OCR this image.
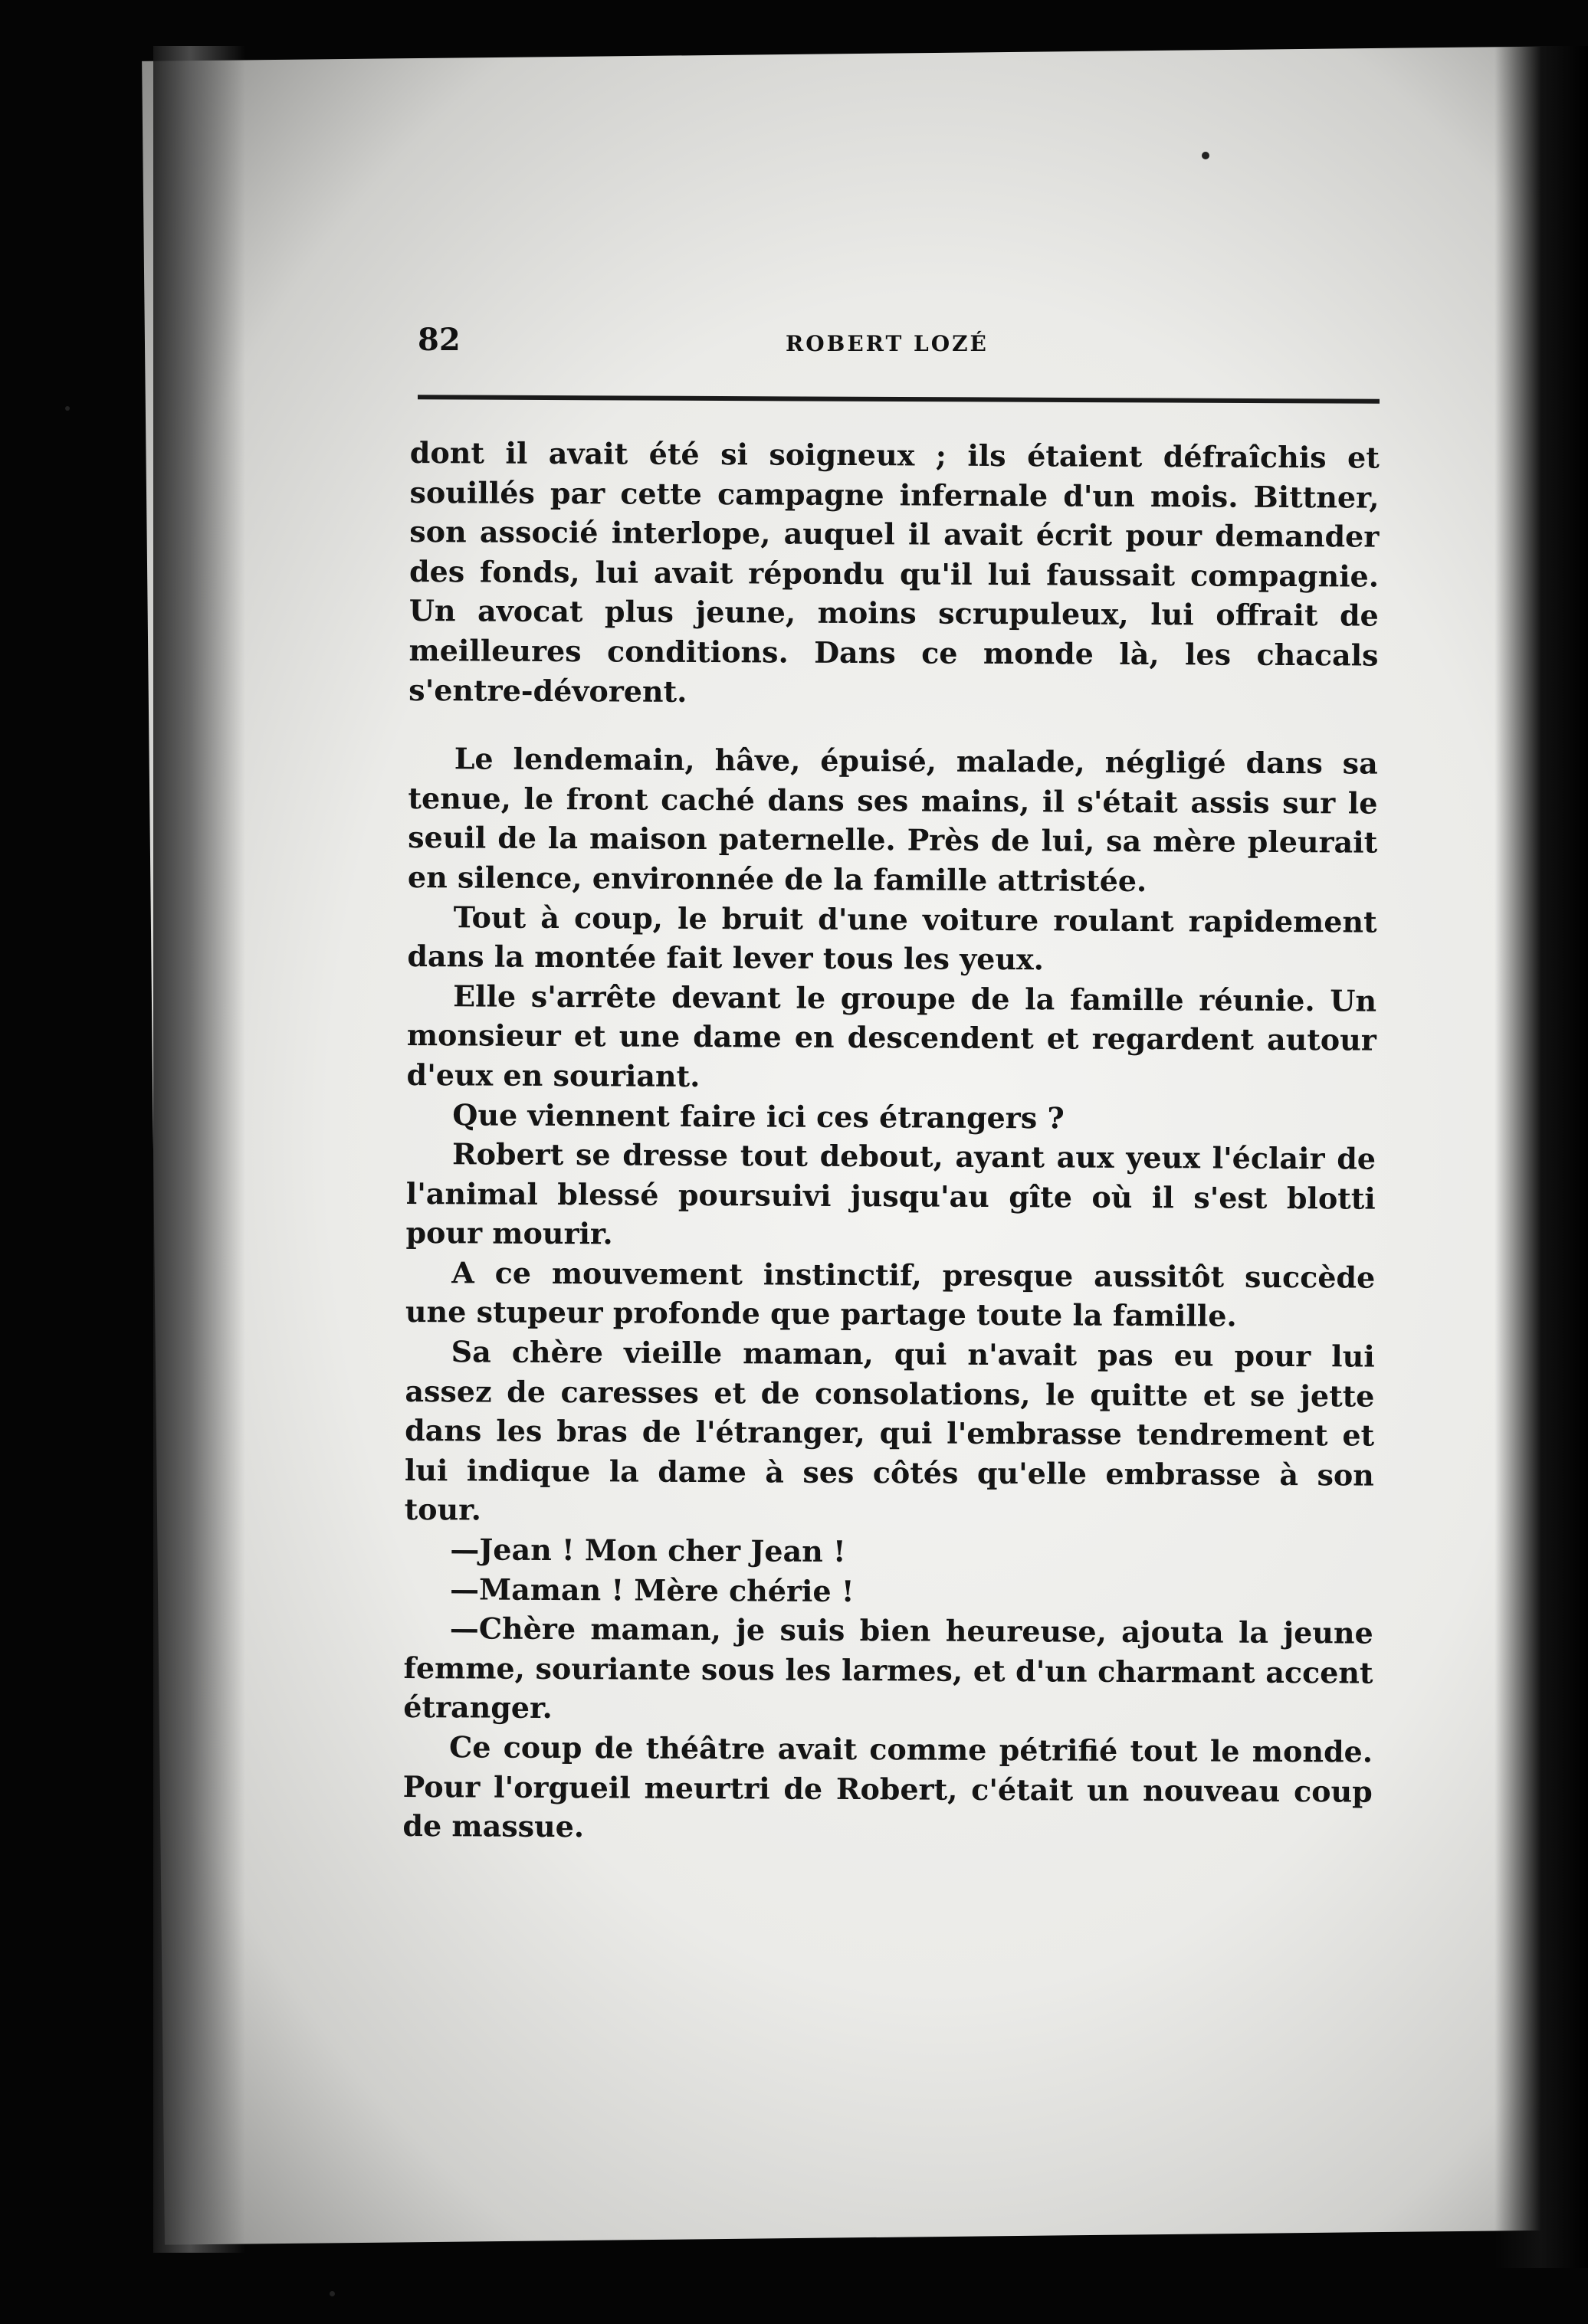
82	ROBERT LOZÉ

dont il avait été si soigneux ; ils étaient défraîchis et souillés par cette campagne infernale d'un mois. Bittner, son associé interlope, auquel il avait écrit pour demander des fonds, lui avait répondu qu'il lui faussait compagnie. Un avocat plus jeune, moins scrupuleux, lui offrait de meilleures conditions. Dans ce monde là, les chacals s'entre-dévorent.

Le lendemain, hâve, épuisé, malade, négligé dans sa tenue, le front caché dans ses mains, il s'était assis sur le seuil de la maison paternelle. Près de lui, sa mère pleurait en silence, environnée de la famille attristée.

Tout à coup, le bruit d'une voiture roulant rapidement dans la montée fait lever tous les yeux.

Elle s'arrête devant le groupe de la famille réunie. Un monsieur et une dame en descendent et regardent autour d'eux en souriant.

Que viennent faire ici ces étrangers ?

Robert se dresse tout debout, ayant aux yeux l'éclair de l'animal blessé poursuivi jusqu'au gîte où il s'est blotti pour mourir.

A ce mouvement instinctif, presque aussitôt succède une stupeur profonde que partage toute la famille.

Sa chère vieille maman, qui n'avait pas eu pour lui assez de caresses et de consolations, le quitte et se jette dans les bras de l'étranger, qui l'embrasse tendrement et lui indique la dame à ses côtés qu'elle embrasse à son tour.

—Jean ! Mon cher Jean !

—Maman ! Mère chérie !

—Chère maman, je suis bien heureuse, ajouta la jeune femme, souriante sous les larmes, et d'un charmant accent étranger.

Ce coup de théâtre avait comme pétrifié tout le monde. Pour l'orgueil meurtri de Robert, c'était un nouveau coup de massue.
